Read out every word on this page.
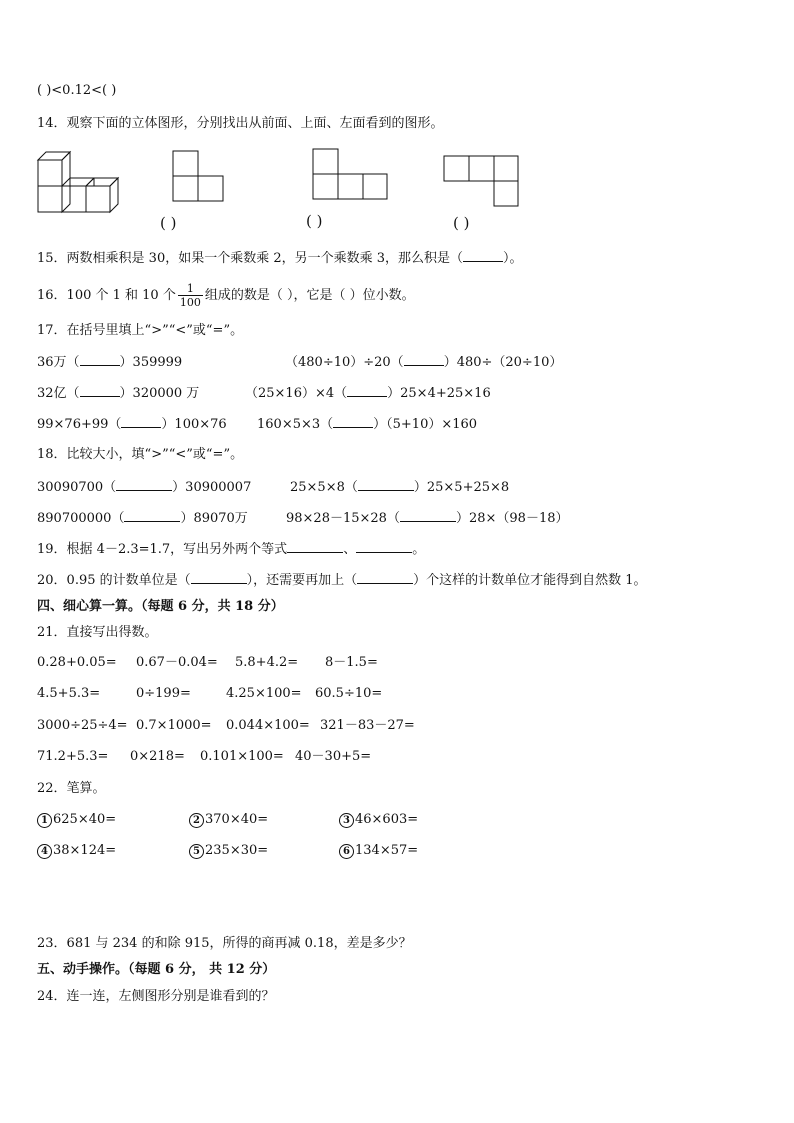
( )<0.12<( )
14．观察下面的立体图形，分别找出从前面、上面、左面看到的图形。
( )	( )	( )
15．两数相乘积是 30，如果一个乘数乘 2，另一个乘数乘 3，那么积是（	）。
16．100 个 1 和 10 个 $\frac{1}{100}$ 组成的数是（ ），它是（ ）位小数。
17．在括号里填上“>”“<”或“=”。
36万（	）359999	（480÷10）÷20（	）480÷（20÷10）
32亿（	）320000 万	（25×16）×4（	）25×4+25×16
99×76+99（	）100×76 160×5×3（	）（5+10）×160
18．比较大小，填“>”“<”或“=”。
30090700（	）30900007	25×5×8（	）25×5+25×8
890700000（	）89070万	98×28－15×28（	）28×（98－18）
19．根据 4－2.3=1.7，写出另外两个等式	、	。
20．0.95 的计数单位是（	），还需要再加上（	）个这样的计数单位才能得到自然数 1。
四、细心算一算。（每题 6 分，共 18 分）
21．直接写出得数。
0.28+0.05= 0.67－0.04= 5.8+4.2= 8－1.5=
4.5+5.3=	0÷199=	4.25×100= 60.5÷10=
3000÷25÷4= 0.7×1000= 0.044×100= 321－83－27=
71.2+5.3= 0×218= 0.101×100= 40－30+5=
22．笔算。
1 625×40=	2 370×40=	3 46×603=
4 38×124=	5 235×30=	6 134×57=
23．681 与 234 的和除 915，所得的商再减 0.18，差是多少？
五、动手操作。（每题 6 分， 共 12 分）
24．连一连，左侧图形分别是谁看到的？
